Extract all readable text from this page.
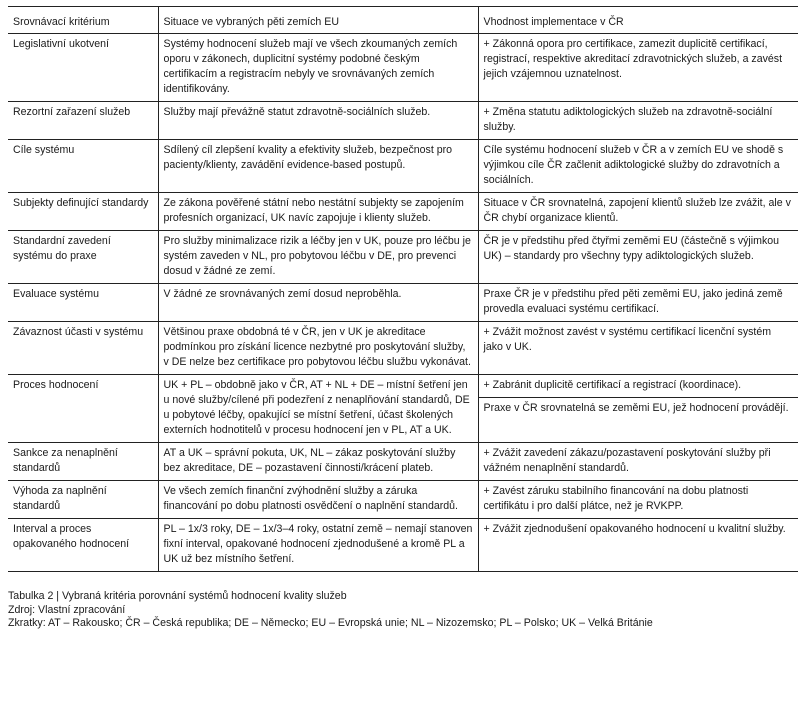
Srovnávací kritérium	Situace ve vybraných pěti zemích EU	Vhodnost implementace v ČR
Legislativní ukotvení	Systémy hodnocení služeb mají ve všech zkoumaných zemích oporu v zákonech, duplicitní systémy podobné českým certifikacím a registracím nebyly ve srovnávaných zemích identifikovány.	+ Zákonná opora pro certifikace, zamezit duplicitě certifikací, registrací, respektive akreditací zdravotnických služeb, a zavést jejich vzájemnou uznatelnost.

Rezortní zařazení služeb	Služby mají převážně statut zdravotně-sociálních služeb.	+ Změna statutu adiktologických služeb na zdravotně-sociální služby.

Cíle systému	Sdílený cíl zlepšení kvality a efektivity služeb, bezpečnost pro pacienty/klienty, zavádění evidence-based postupů.	Cíle systému hodnocení služeb v ČR a v zemích EU ve shodě s výjimkou cíle ČR začlenit adiktologické služby do zdravotních a sociálních.

Subjekty definující standardy	Ze zákona pověřené státní nebo nestátní subjekty se zapojením profesních organizací, UK navíc zapojuje i klienty služeb.	Situace v ČR srovnatelná, zapojení klientů služeb lze zvážit, ale v ČR chybí organizace klientů.

Standardní zavedení systému do praxe	Pro služby minimalizace rizik a léčby jen v UK, pouze pro léčbu je systém zaveden v NL, pro pobytovou léčbu v DE, pro prevenci dosud v žádné ze zemí.	ČR je v předstihu před čtyřmi zeměmi EU (částečně s výjimkou UK) – standardy pro všechny typy adiktologických služeb.

Evaluace systému	V žádné ze srovnávaných zemí dosud neproběhla.	Praxe ČR je v předstihu před pěti zeměmi EU, jako jediná země provedla evaluaci systému certifikací.

Závaznost účasti v systému	Většinou praxe obdobná té v ČR, jen v UK je akreditace podmínkou pro získání licence nezbytné pro poskytování služby, v DE nelze bez certifikace pro pobytovou léčbu službu vykonávat.	+ Zvážit možnost zavést v systému certifikací licenční systém jako v UK.

Proces hodnocení	UK + PL – obdobně jako v ČR, AT + NL + DE – místní šetření jen u nové služby/cílené při podezření z nenaplňování standardů, DE u pobytové léčby, opakující se místní šetření, účast školených externích hodnotitelů v procesu hodnocení jen v PL, AT a UK.	+ Zabránit duplicitě certifikací a registrací (koordinace).
Praxe v ČR srovnatelná se zeměmi EU, jež hodnocení provádějí.

Sankce za nenaplnění standardů	AT a UK – správní pokuta, UK, NL – zákaz poskytování služby bez akreditace, DE – pozastavení činnosti/krácení plateb.	+ Zvážit zavedení zákazu/pozastavení poskytování služby při vážném nenaplnění standardů.

Výhoda za naplnění standardů	Ve všech zemích finanční zvýhodnění služby a záruka financování po dobu platnosti osvědčení o naplnění standardů.	+ Zavést záruku stabilního financování na dobu platnosti certifikátu i pro další plátce, než je RVKPP.

Interval a proces opakovaného hodnocení	PL – 1x/3 roky, DE – 1x/3–4 roky, ostatní země – nemají stanoven fixní interval, opakované hodnocení zjednodušené a kromě PL a UK už bez místního šetření.	+ Zvážit zjednodušení opakovaného hodnocení u kvalitní služby.
Tabulka 2 | Vybraná kritéria porovnání systémů hodnocení kvality služeb
Zdroj: Vlastní zpracování
Zkratky: AT – Rakousko; ČR – Česká republika; DE – Německo; EU – Evropská unie; NL – Nizozemsko; PL – Polsko; UK – Velká Británie
